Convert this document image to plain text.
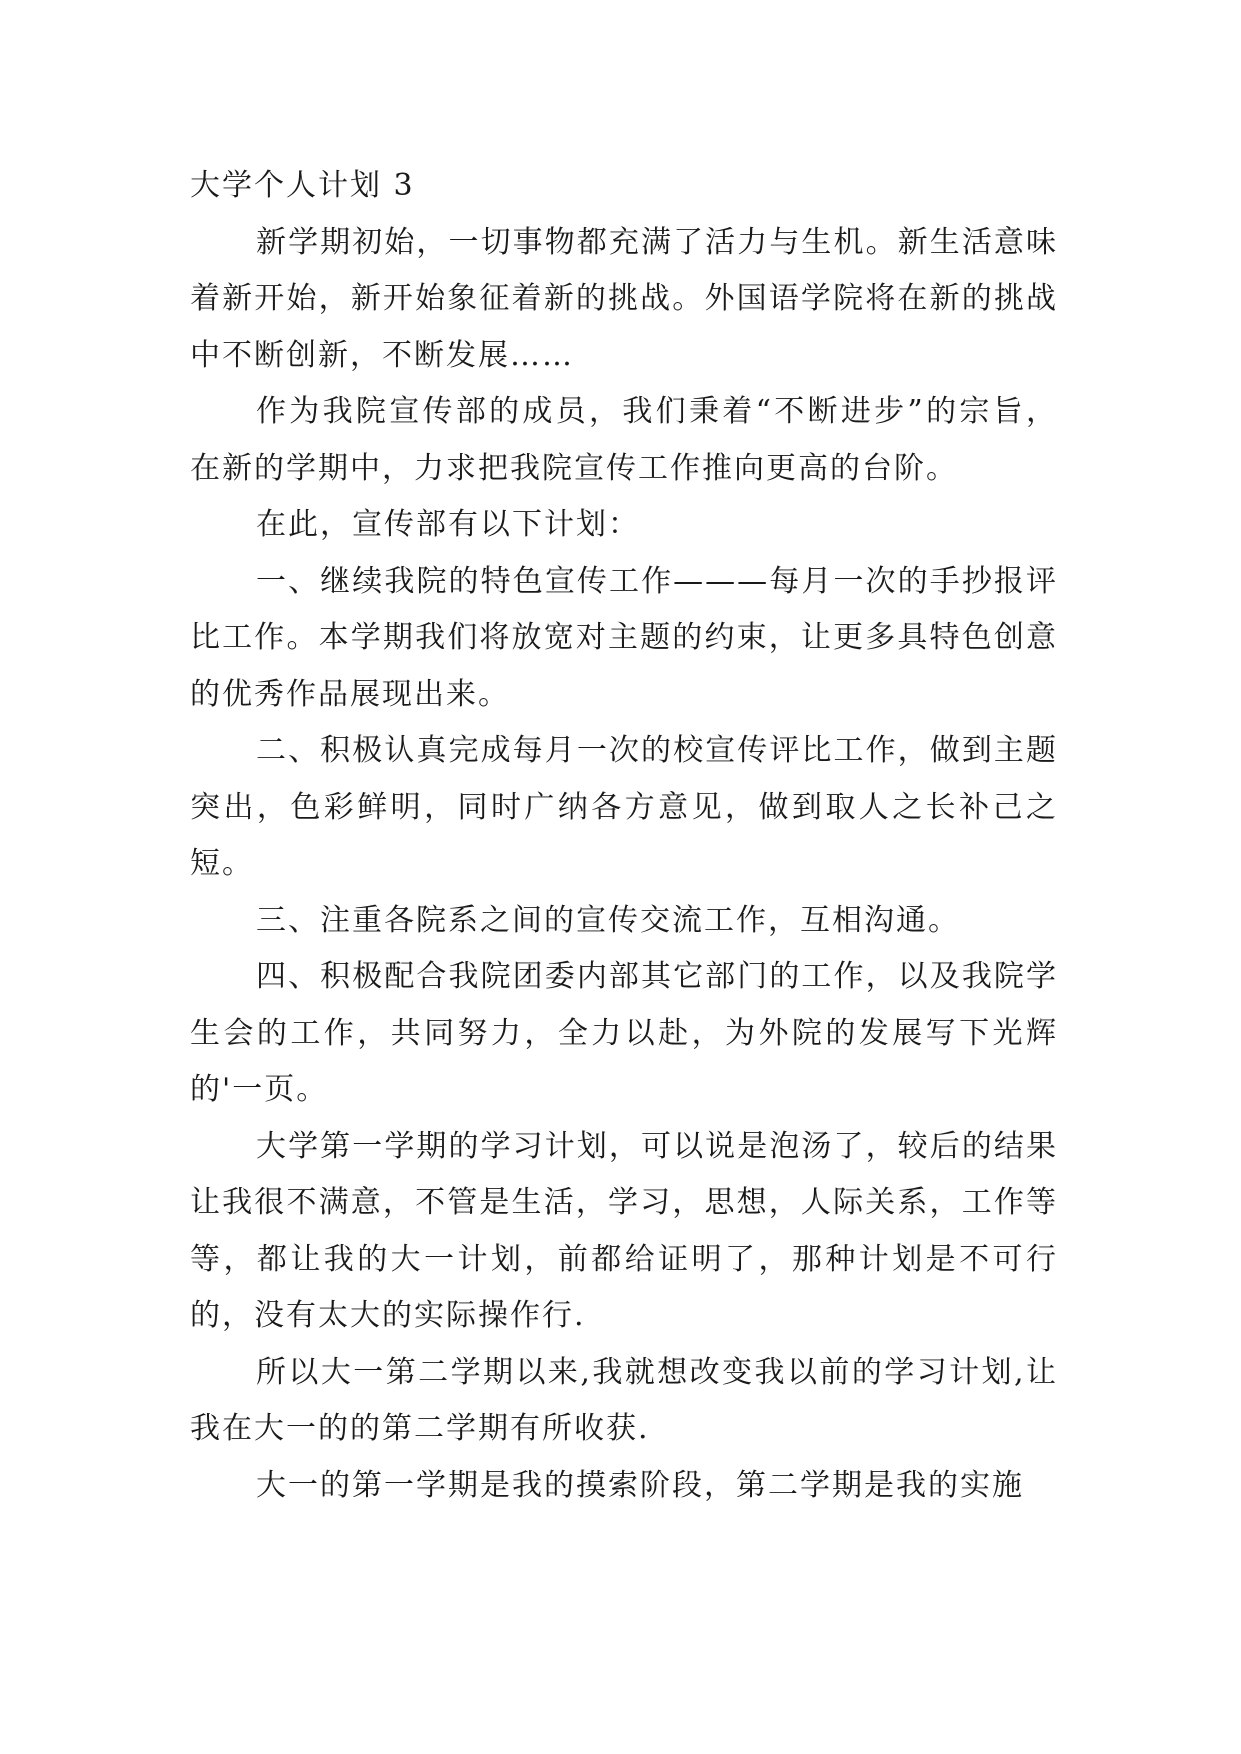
大学个人计划 3

新学期初始，一切事物都充满了活力与生机。新生活意味着新开始，新开始象征着新的挑战。外国语学院将在新的挑战中不断创新，不断发展……

作为我院宣传部的成员，我们秉着“不断进步”的宗旨，在新的学期中，力求把我院宣传工作推向更高的台阶。

在此，宣传部有以下计划：

一、继续我院的特色宣传工作———每月一次的手抄报评比工作。本学期我们将放宽对主题的约束，让更多具特色创意的优秀作品展现出来。

二、积极认真完成每月一次的校宣传评比工作，做到主题突出，色彩鲜明，同时广纳各方意见，做到取人之长补己之短。

三、注重各院系之间的宣传交流工作，互相沟通。

四、积极配合我院团委内部其它部门的工作，以及我院学生会的工作，共同努力，全力以赴，为外院的发展写下光辉的'一页。

大学第一学期的学习计划，可以说是泡汤了，较后的结果让我很不满意，不管是生活，学习，思想，人际关系，工作等等，都让我的大一计划，前都给证明了，那种计划是不可行的，没有太大的实际操作行.

所以大一第二学期以来,我就想改变我以前的学习计划,让我在大一的的第二学期有所收获.

大一的第一学期是我的摸索阶段，第二学期是我的实施
